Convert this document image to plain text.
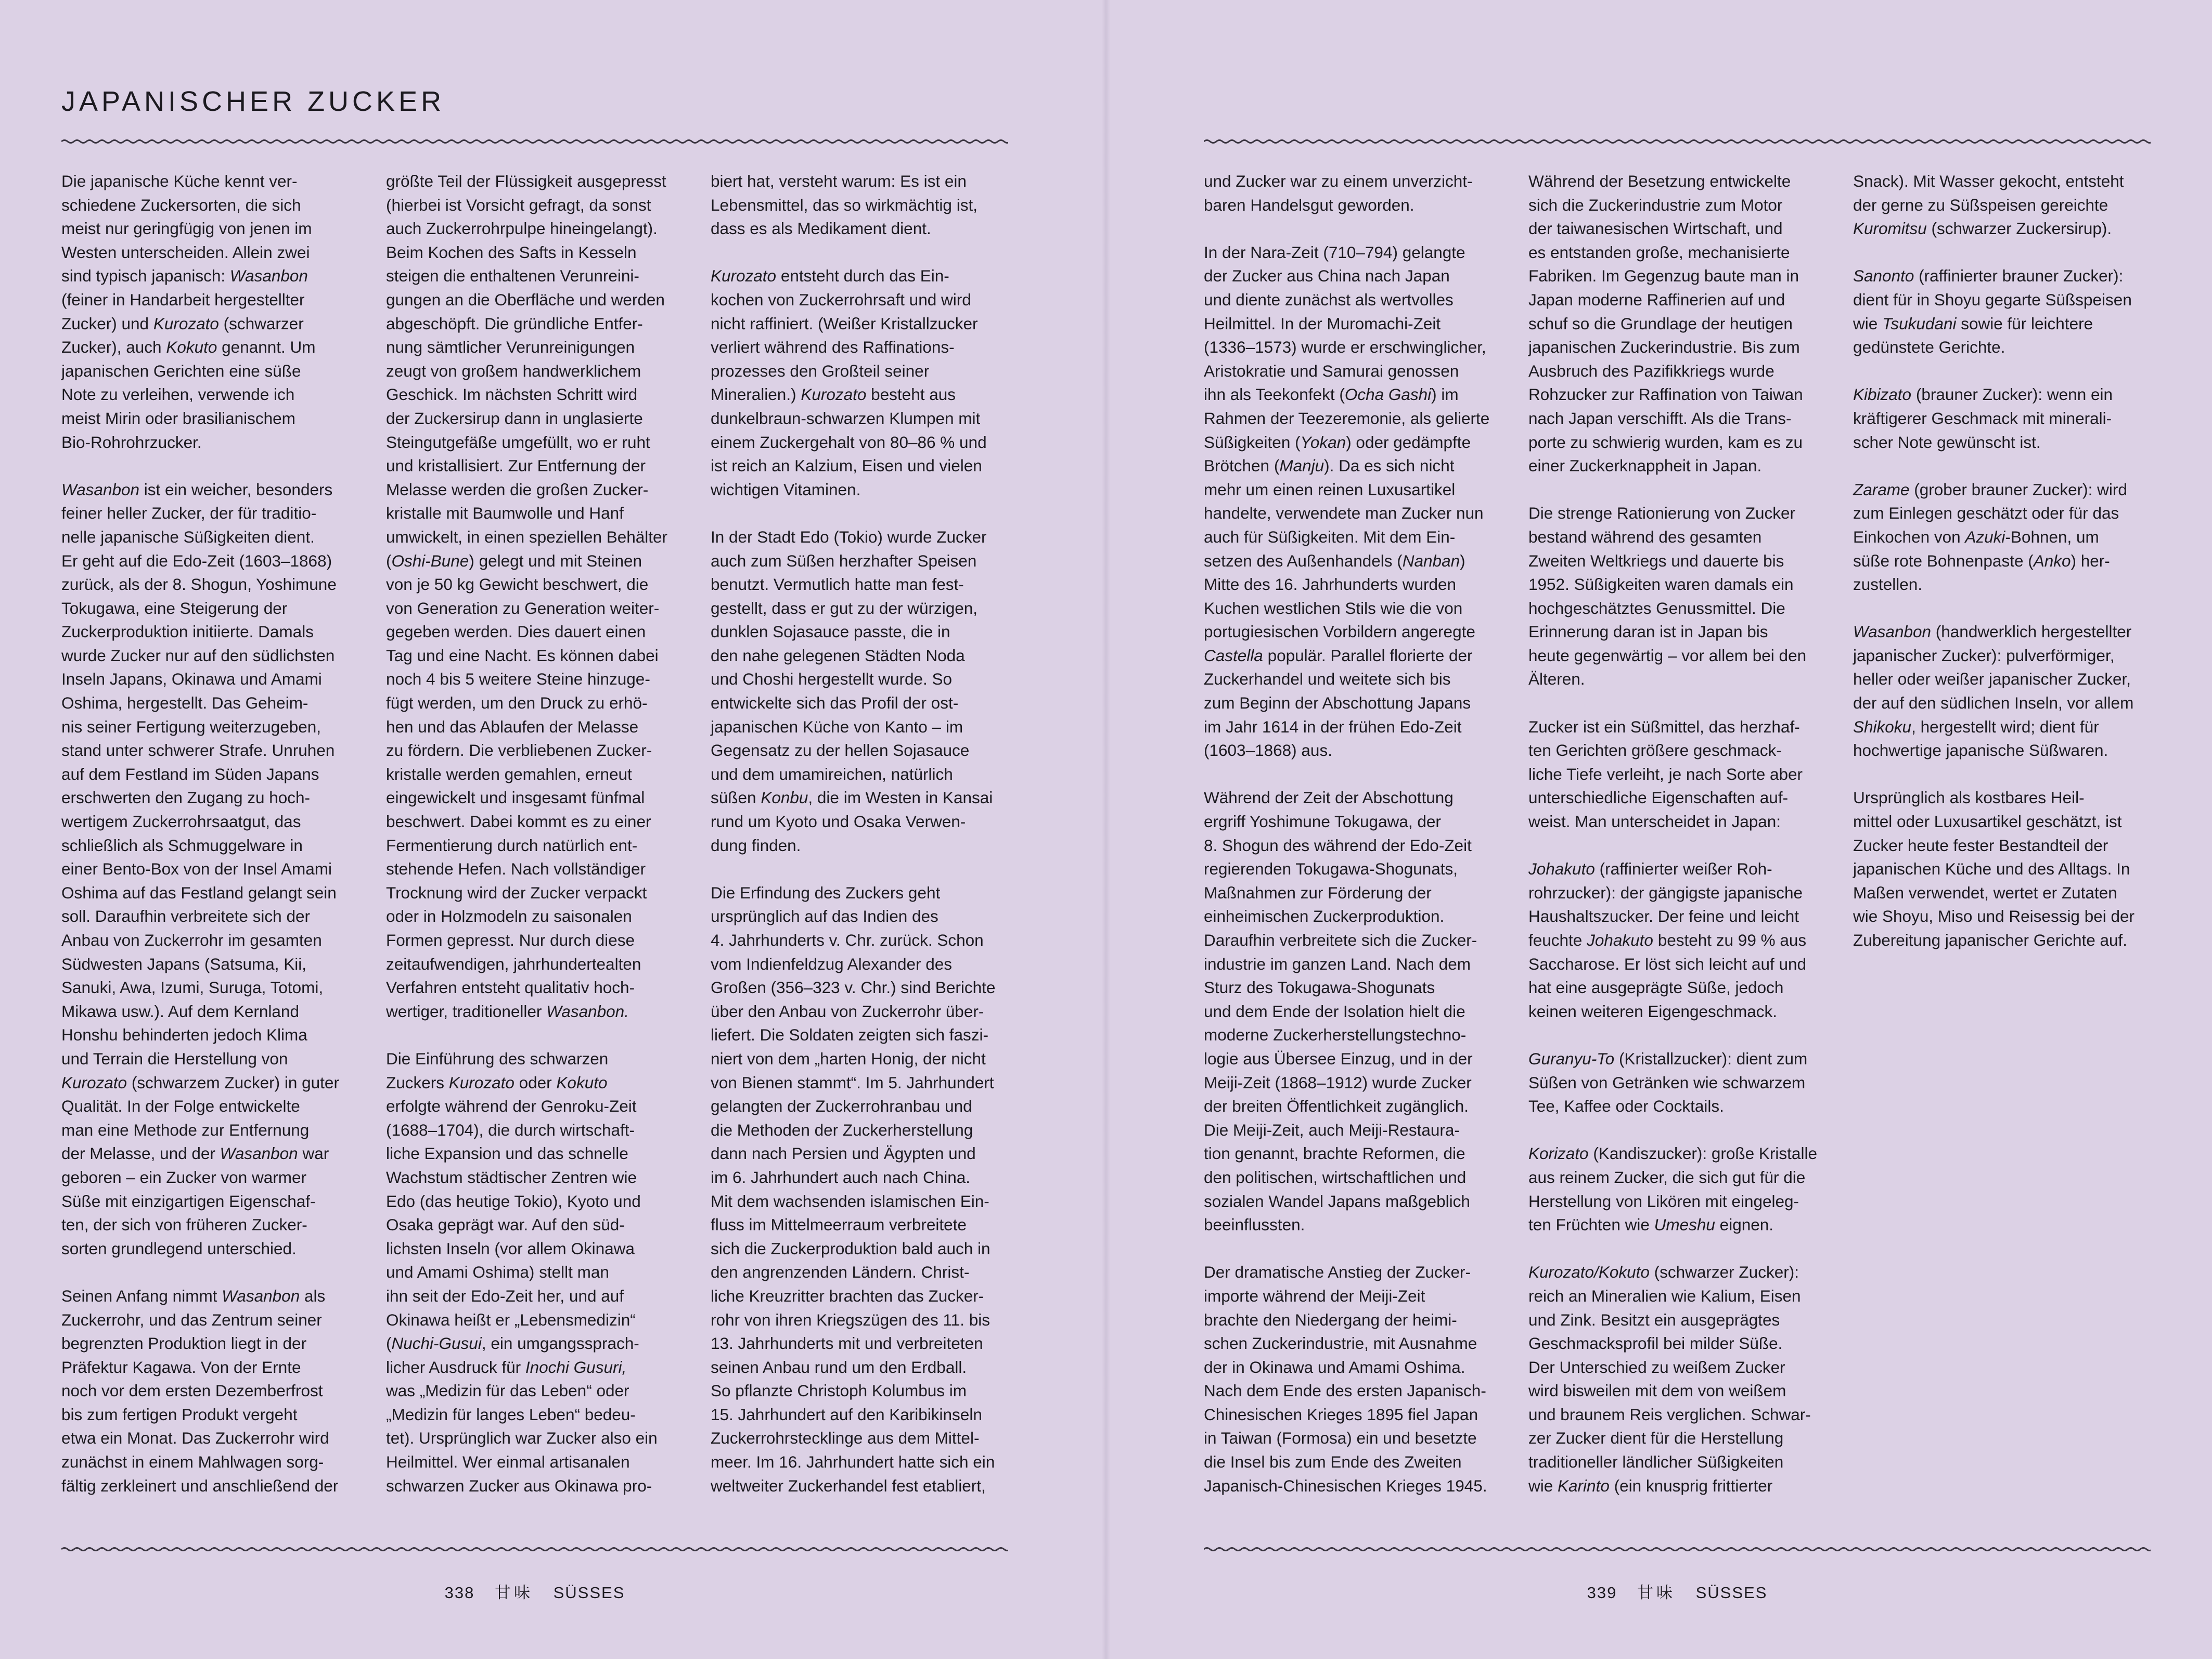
JAPANISCHER ZUCKER

Die japanische Küche kennt ver-
schiedene Zuckersorten, die sich
meist nur geringfügig von jenen im
Westen unterscheiden. Allein zwei
sind typisch japanisch: Wasanbon
(feiner in Handarbeit hergestellter
Zucker) und Kurozato (schwarzer
Zucker), auch Kokuto genannt. Um
japanischen Gerichten eine süße
Note zu verleihen, verwende ich
meist Mirin oder brasilianischem
Bio-Rohrohrzucker.

Wasanbon ist ein weicher, besonders
feiner heller Zucker, der für traditio-
nelle japanische Süßigkeiten dient.
Er geht auf die Edo-Zeit (1603–1868)
zurück, als der 8. Shogun, Yoshimune
Tokugawa, eine Steigerung der
Zuckerproduktion initiierte. Damals
wurde Zucker nur auf den südlichsten
Inseln Japans, Okinawa und Amami
Oshima, hergestellt. Das Geheim-
nis seiner Fertigung weiterzugeben,
stand unter schwerer Strafe. Unruhen
auf dem Festland im Süden Japans
erschwerten den Zugang zu hoch-
wertigem Zuckerrohrsaatgut, das
schließlich als Schmuggelware in
einer Bento-Box von der Insel Amami
Oshima auf das Festland gelangt sein
soll. Daraufhin verbreitete sich der
Anbau von Zuckerrohr im gesamten
Südwesten Japans (Satsuma, Kii,
Sanuki, Awa, Izumi, Suruga, Totomi,
Mikawa usw.). Auf dem Kernland
Honshu behinderten jedoch Klima
und Terrain die Herstellung von
Kurozato (schwarzem Zucker) in guter
Qualität. In der Folge entwickelte
man eine Methode zur Entfernung
der Melasse, und der Wasanbon war
geboren – ein Zucker von warmer
Süße mit einzigartigen Eigenschaf-
ten, der sich von früheren Zucker-
sorten grundlegend unterschied.

Seinen Anfang nimmt Wasanbon als
Zuckerrohr, und das Zentrum seiner
begrenzten Produktion liegt in der
Präfektur Kagawa. Von der Ernte
noch vor dem ersten Dezemberfrost
bis zum fertigen Produkt vergeht
etwa ein Monat. Das Zuckerrohr wird
zunächst in einem Mahlwagen sorg-
fältig zerkleinert und anschließend der

größte Teil der Flüssigkeit ausgepresst
(hierbei ist Vorsicht gefragt, da sonst
auch Zuckerrohrpulpe hineingelangt).
Beim Kochen des Safts in Kesseln
steigen die enthaltenen Verunreini-
gungen an die Oberfläche und werden
abgeschöpft. Die gründliche Entfer-
nung sämtlicher Verunreinigungen
zeugt von großem handwerklichem
Geschick. Im nächsten Schritt wird
der Zuckersirup dann in unglasierte
Steingutgefäße umgefüllt, wo er ruht
und kristallisiert. Zur Entfernung der
Melasse werden die großen Zucker-
kristalle mit Baumwolle und Hanf
umwickelt, in einen speziellen Behälter
(Oshi-Bune) gelegt und mit Steinen
von je 50 kg Gewicht beschwert, die
von Generation zu Generation weiter-
gegeben werden. Dies dauert einen
Tag und eine Nacht. Es können dabei
noch 4 bis 5 weitere Steine hinzuge-
fügt werden, um den Druck zu erhö-
hen und das Ablaufen der Melasse
zu fördern. Die verbliebenen Zucker-
kristalle werden gemahlen, erneut
eingewickelt und insgesamt fünfmal
beschwert. Dabei kommt es zu einer
Fermentierung durch natürlich ent-
stehende Hefen. Nach vollständiger
Trocknung wird der Zucker verpackt
oder in Holzmodeln zu saisonalen
Formen gepresst. Nur durch diese
zeitaufwendigen, jahrhundertealten
Verfahren entsteht qualitativ hoch-
wertiger, traditioneller Wasanbon.

Die Einführung des schwarzen
Zuckers Kurozato oder Kokuto
erfolgte während der Genroku-Zeit
(1688–1704), die durch wirtschaft-
liche Expansion und das schnelle
Wachstum städtischer Zentren wie
Edo (das heutige Tokio), Kyoto und
Osaka geprägt war. Auf den süd-
lichsten Inseln (vor allem Okinawa
und Amami Oshima) stellt man
ihn seit der Edo-Zeit her, und auf
Okinawa heißt er „Lebensmedizin“
(Nuchi-Gusui, ein umgangssprach-
licher Ausdruck für Inochi Gusuri,
was „Medizin für das Leben“ oder
„Medizin für langes Leben“ bedeu-
tet). Ursprünglich war Zucker also ein
Heilmittel. Wer einmal artisanalen
schwarzen Zucker aus Okinawa pro-

biert hat, versteht warum: Es ist ein
Lebensmittel, das so wirkmächtig ist,
dass es als Medikament dient.

Kurozato entsteht durch das Ein-
kochen von Zuckerrohrsaft und wird
nicht raffiniert. (Weißer Kristallzucker
verliert während des Raffinations-
prozesses den Großteil seiner
Mineralien.) Kurozato besteht aus
dunkelbraun-schwarzen Klumpen mit
einem Zuckergehalt von 80–86 % und
ist reich an Kalzium, Eisen und vielen
wichtigen Vitaminen.

In der Stadt Edo (Tokio) wurde Zucker
auch zum Süßen herzhafter Speisen
benutzt. Vermutlich hatte man fest-
gestellt, dass er gut zu der würzigen,
dunklen Sojasauce passte, die in
den nahe gelegenen Städten Noda
und Choshi hergestellt wurde. So
entwickelte sich das Profil der ost-
japanischen Küche von Kanto – im
Gegensatz zu der hellen Sojasauce
und dem umamireichen, natürlich
süßen Konbu, die im Westen in Kansai
rund um Kyoto und Osaka Verwen-
dung finden.

Die Erfindung des Zuckers geht
ursprünglich auf das Indien des
4. Jahrhunderts v. Chr. zurück. Schon
vom Indienfeldzug Alexander des
Großen (356–323 v. Chr.) sind Berichte
über den Anbau von Zuckerrohr über-
liefert. Die Soldaten zeigten sich faszi-
niert von dem „harten Honig, der nicht
von Bienen stammt“. Im 5. Jahrhundert
gelangten der Zuckerrohranbau und
die Methoden der Zuckerherstellung
dann nach Persien und Ägypten und
im 6. Jahrhundert auch nach China.
Mit dem wachsenden islamischen Ein-
fluss im Mittelmeerraum verbreitete
sich die Zuckerproduktion bald auch in
den angrenzenden Ländern. Christ-
liche Kreuzritter brachten das Zucker-
rohr von ihren Kriegszügen des 11. bis
13. Jahrhunderts mit und verbreiteten
seinen Anbau rund um den Erdball.
So pflanzte Christoph Kolumbus im
15. Jahrhundert auf den Karibikinseln
Zuckerrohrstecklinge aus dem Mittel-
meer. Im 16. Jahrhundert hatte sich ein
weltweiter Zuckerhandel fest etabliert,

338 甘味 SÜSSES

und Zucker war zu einem unverzicht-
baren Handelsgut geworden.

In der Nara-Zeit (710–794) gelangte
der Zucker aus China nach Japan
und diente zunächst als wertvolles
Heilmittel. In der Muromachi-Zeit
(1336–1573) wurde er erschwinglicher,
Aristokratie und Samurai genossen
ihn als Teekonfekt (Ocha Gashi) im
Rahmen der Teezeremonie, als gelierte
Süßigkeiten (Yokan) oder gedämpfte
Brötchen (Manju). Da es sich nicht
mehr um einen reinen Luxusartikel
handelte, verwendete man Zucker nun
auch für Süßigkeiten. Mit dem Ein-
setzen des Außenhandels (Nanban)
Mitte des 16. Jahrhunderts wurden
Kuchen westlichen Stils wie die von
portugiesischen Vorbildern angeregte
Castella populär. Parallel florierte der
Zuckerhandel und weitete sich bis
zum Beginn der Abschottung Japans
im Jahr 1614 in der frühen Edo-Zeit
(1603–1868) aus.

Während der Zeit der Abschottung
ergriff Yoshimune Tokugawa, der
8. Shogun des während der Edo-Zeit
regierenden Tokugawa-Shogunats,
Maßnahmen zur Förderung der
einheimischen Zuckerproduktion.
Daraufhin verbreitete sich die Zucker-
industrie im ganzen Land. Nach dem
Sturz des Tokugawa-Shogunats
und dem Ende der Isolation hielt die
moderne Zuckerherstellungstechno-
logie aus Übersee Einzug, und in der
Meiji-Zeit (1868–1912) wurde Zucker
der breiten Öffentlichkeit zugänglich.
Die Meiji-Zeit, auch Meiji-Restaura-
tion genannt, brachte Reformen, die
den politischen, wirtschaftlichen und
sozialen Wandel Japans maßgeblich
beeinflussten.

Der dramatische Anstieg der Zucker-
importe während der Meiji-Zeit
brachte den Niedergang der heimi-
schen Zuckerindustrie, mit Ausnahme
der in Okinawa und Amami Oshima.
Nach dem Ende des ersten Japanisch-
Chinesischen Krieges 1895 fiel Japan
in Taiwan (Formosa) ein und besetzte
die Insel bis zum Ende des Zweiten
Japanisch-Chinesischen Krieges 1945.

Während der Besetzung entwickelte
sich die Zuckerindustrie zum Motor
der taiwanesischen Wirtschaft, und
es entstanden große, mechanisierte
Fabriken. Im Gegenzug baute man in
Japan moderne Raffinerien auf und
schuf so die Grundlage der heutigen
japanischen Zuckerindustrie. Bis zum
Ausbruch des Pazifikkriegs wurde
Rohzucker zur Raffination von Taiwan
nach Japan verschifft. Als die Trans-
porte zu schwierig wurden, kam es zu
einer Zuckerknappheit in Japan.

Die strenge Rationierung von Zucker
bestand während des gesamten
Zweiten Weltkriegs und dauerte bis
1952. Süßigkeiten waren damals ein
hochgeschätztes Genussmittel. Die
Erinnerung daran ist in Japan bis
heute gegenwärtig – vor allem bei den
Älteren.

Zucker ist ein Süßmittel, das herzhaf-
ten Gerichten größere geschmack-
liche Tiefe verleiht, je nach Sorte aber
unterschiedliche Eigenschaften auf-
weist. Man unterscheidet in Japan:

Johakuto (raffinierter weißer Roh-
rohrzucker): der gängigste japanische
Haushaltszucker. Der feine und leicht
feuchte Johakuto besteht zu 99 % aus
Saccharose. Er löst sich leicht auf und
hat eine ausgeprägte Süße, jedoch
keinen weiteren Eigengeschmack.

Guranyu-To (Kristallzucker): dient zum
Süßen von Getränken wie schwarzem
Tee, Kaffee oder Cocktails.

Korizato (Kandiszucker): große Kristalle
aus reinem Zucker, die sich gut für die
Herstellung von Likören mit eingeleg-
ten Früchten wie Umeshu eignen.

Kurozato/Kokuto (schwarzer Zucker):
reich an Mineralien wie Kalium, Eisen
und Zink. Besitzt ein ausgeprägtes
Geschmacksprofil bei milder Süße.
Der Unterschied zu weißem Zucker
wird bisweilen mit dem von weißem
und braunem Reis verglichen. Schwar-
zer Zucker dient für die Herstellung
traditioneller ländlicher Süßigkeiten
wie Karinto (ein knusprig frittierter

Snack). Mit Wasser gekocht, entsteht
der gerne zu Süßspeisen gereichte
Kuromitsu (schwarzer Zuckersirup).

Sanonto (raffinierter brauner Zucker):
dient für in Shoyu gegarte Süßspeisen
wie Tsukudani sowie für leichtere
gedünstete Gerichte.

Kibizato (brauner Zucker): wenn ein
kräftigerer Geschmack mit minerali-
scher Note gewünscht ist.

Zarame (grober brauner Zucker): wird
zum Einlegen geschätzt oder für das
Einkochen von Azuki-Bohnen, um
süße rote Bohnenpaste (Anko) her-
zustellen.

Wasanbon (handwerklich hergestellter
japanischer Zucker): pulverförmiger,
heller oder weißer japanischer Zucker,
der auf den südlichen Inseln, vor allem
Shikoku, hergestellt wird; dient für
hochwertige japanische Süßwaren.

Ursprünglich als kostbares Heil-
mittel oder Luxusartikel geschätzt, ist
Zucker heute fester Bestandteil der
japanischen Küche und des Alltags. In
Maßen verwendet, wertet er Zutaten
wie Shoyu, Miso und Reisessig bei der
Zubereitung japanischer Gerichte auf.

339 甘味 SÜSSES
